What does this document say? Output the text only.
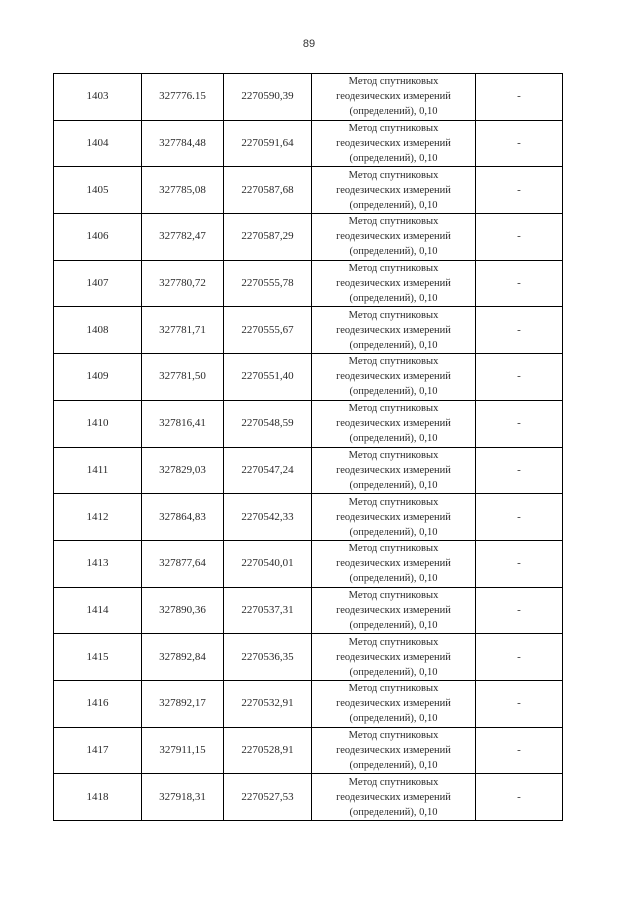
89
1403	327776.15	2270590,39	Метод спутниковых
геодезических измерений
(определений), 0,10	-
1404	327784,48	2270591,64	Метод спутниковых
геодезических измерений
(определений), 0,10	-
1405	327785,08	2270587,68	Метод спутниковых
геодезических измерений
(определений), 0,10	-
1406	327782,47	2270587,29	Метод спутниковых
геодезических измерений
(определений), 0,10	-
1407	327780,72	2270555,78	Метод спутниковых
геодезических измерений
(определений), 0,10	-
1408	327781,71	2270555,67	Метод спутниковых
геодезических измерений
(определений), 0,10	-
1409	327781,50	2270551,40	Метод спутниковых
геодезических измерений
(определений), 0,10	-
1410	327816,41	2270548,59	Метод спутниковых
геодезических измерений
(определений), 0,10	-
1411	327829,03	2270547,24	Метод спутниковых
геодезических измерений
(определений), 0,10	-
1412	327864,83	2270542,33	Метод спутниковых
геодезических измерений
(определений), 0,10	-
1413	327877,64	2270540,01	Метод спутниковых
геодезических измерений
(определений), 0,10	-
1414	327890,36	2270537,31	Метод спутниковых
геодезических измерений
(определений), 0,10	-
1415	327892,84	2270536,35	Метод спутниковых
геодезических измерений
(определений), 0,10	-
1416	327892,17	2270532,91	Метод спутниковых
геодезических измерений
(определений), 0,10	-
1417	327911,15	2270528,91	Метод спутниковых
геодезических измерений
(определений), 0,10	-
1418	327918,31	2270527,53	Метод спутниковых
геодезических измерений
(определений), 0,10	-
